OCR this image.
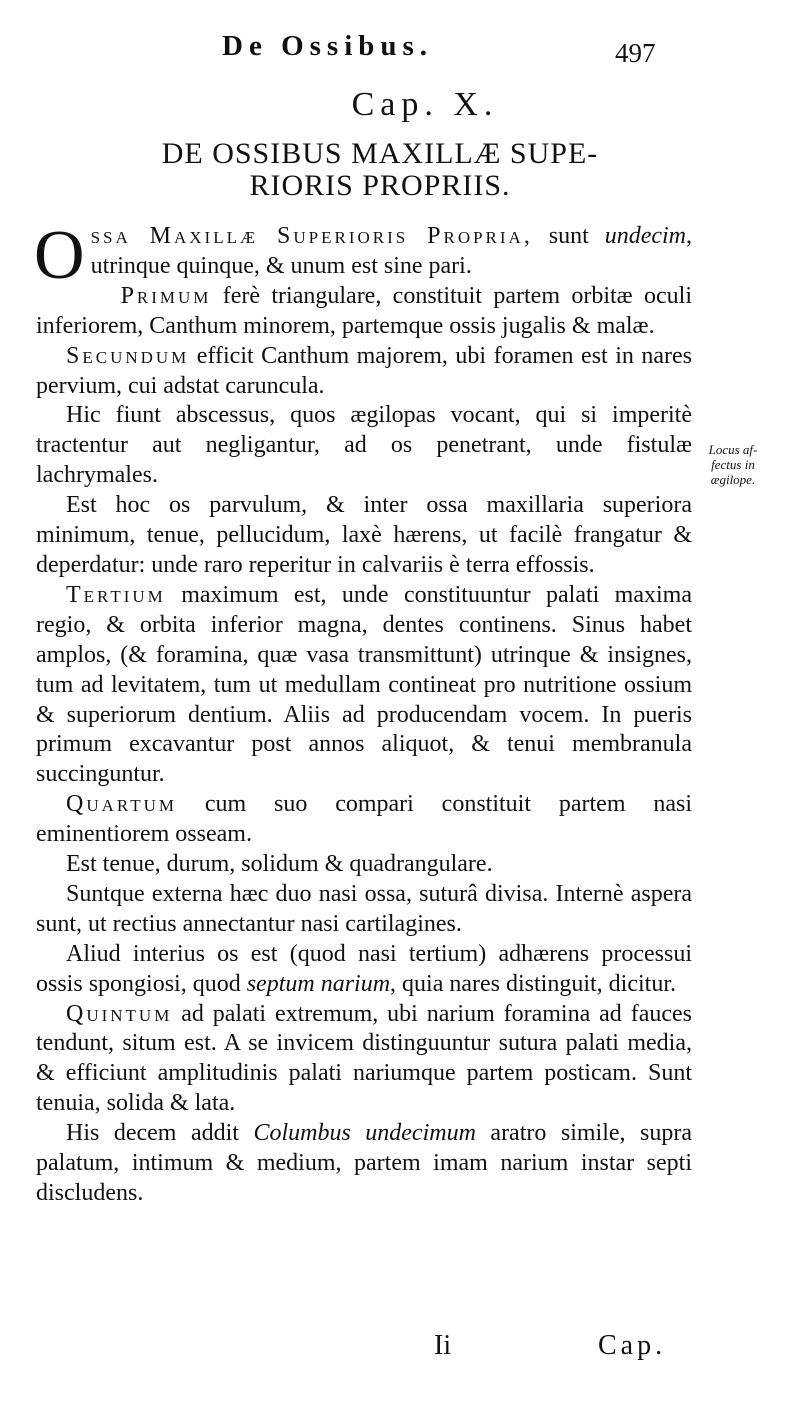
De Ossibus.	497
Cap. X.
DE OSSIBUS MAXILLÆ SUPE-
RIORIS PROPRIIS.

Ossa Maxillæ Superioris Propria, sunt undecim, utrinque quinque, & unum est sine pari.

Primum ferè triangulare, constituit partem orbitæ oculi inferiorem, Canthum minorem, partemque ossis jugalis & malæ.

Secundum efficit Canthum majorem, ubi foramen est in nares pervium, cui adstat caruncula.

Hic fiunt abscessus, quos ægilopas vocant, qui si imperitè tractentur aut negligantur, ad os penetrant, unde fistulæ lachrymales.

Est hoc os parvulum, & inter ossa maxillaria superiora minimum, tenue, pellucidum, laxè hærens, ut facilè frangatur & deperdatur: unde raro reperitur in calvariis è terra effossis.

Tertium maximum est, unde constituuntur palati maxima regio, & orbita inferior magna, dentes continens. Sinus habet amplos, (& foramina, quæ vasa transmittunt) utrinque & insignes, tum ad levitatem, tum ut medullam contineat pro nutritione ossium & superiorum dentium. Aliis ad producendam vocem. In pueris primum excavantur post annos aliquot, & tenui membranula succinguntur.

Quartum cum suo compari constituit partem nasi eminentiorem osseam.

Est tenue, durum, solidum & quadrangulare.

Suntque externa hæc duo nasi ossa, suturâ divisa. Internè aspera sunt, ut rectius annectantur nasi cartilagines.

Aliud interius os est (quod nasi tertium) adhærens processui ossis spongiosi, quod septum narium, quia nares distinguit, dicitur.

Quintum ad palati extremum, ubi narium foramina ad fauces tendunt, situm est. A se invicem distinguuntur sutura palati media, & efficiunt amplitudinis palati nariumque partem posticam. Sunt tenuia, solida & lata.

His decem addit Columbus undecimum aratro simile, supra palatum, intimum & medium, partem imam narium instar septi discludens.

Locus af-
fectus in
ægilope.
Ii	Cap.
